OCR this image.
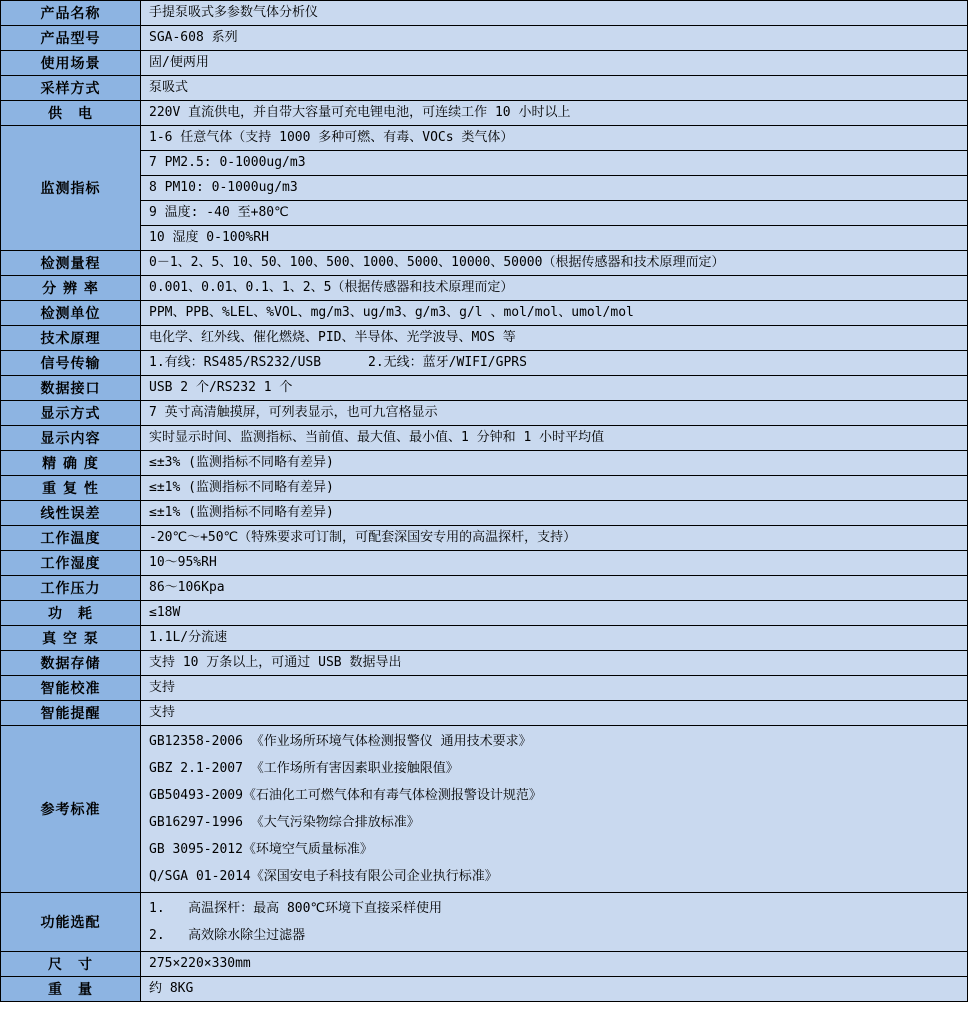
产品名称	手提泵吸式多参数气体分析仪
产品型号	SGA-608 系列
使用场景	固/便两用
采样方式	泵吸式
供　电	220V 直流供电，并自带大容量可充电锂电池，可连续工作 10 小时以上
监测指标	1-6 任意气体（支持 1000 多种可燃、有毒、VOCs 类气体）
	7 PM2.5: 0-1000ug/m3
	8 PM10: 0-1000ug/m3
	9 温度: -40 至+80℃
	10 湿度 0-100%RH
检测量程	0－1、2、5、10、50、100、500、1000、5000、10000、50000（根据传感器和技术原理而定）
分 辨 率	0.001、0.01、0.1、1、2、5（根据传感器和技术原理而定）
检测单位	PPM、PPB、%LEL、%VOL、mg/m3、ug/m3、g/m3、g/l 、mol/mol、umol/mol
技术原理	电化学、红外线、催化燃烧、PID、半导体、光学波导、MOS 等
信号传输	1.有线：RS485/RS232/USB      2.无线：蓝牙/WIFI/GPRS
数据接口	USB 2 个/RS232 1 个
显示方式	7 英寸高清触摸屏，可列表显示，也可九宫格显示
显示内容	实时显示时间、监测指标、当前值、最大值、最小值、1 分钟和 1 小时平均值
精 确 度	≤±3% (监测指标不同略有差异)
重 复 性	≤±1% (监测指标不同略有差异)
线性误差	≤±1% (监测指标不同略有差异)
工作温度	-20℃～+50℃（特殊要求可订制，可配套深国安专用的高温探杆，支持）
工作湿度	10～95%RH
工作压力	86～106Kpa
功　耗	≤18W
真 空 泵	1.1L/分流速
数据存储	支持 10 万条以上，可通过 USB 数据导出
智能校准	支持
智能提醒	支持
参考标准	
GB12358-2006 《作业场所环境气体检测报警仪 通用技术要求》
GBZ 2.1-2007 《工作场所有害因素职业接触限值》
GB50493-2009《石油化工可燃气体和有毒气体检测报警设计规范》
GB16297-1996 《大气污染物综合排放标准》
GB 3095-2012《环境空气质量标准》
Q/SGA 01-2014《深国安电子科技有限公司企业执行标准》

功能选配	1.   高温探杆：最高 800℃环境下直接采样使用
2.   高效除水除尘过滤器

尺　寸	275×220×330mm
重　量	约 8KG
